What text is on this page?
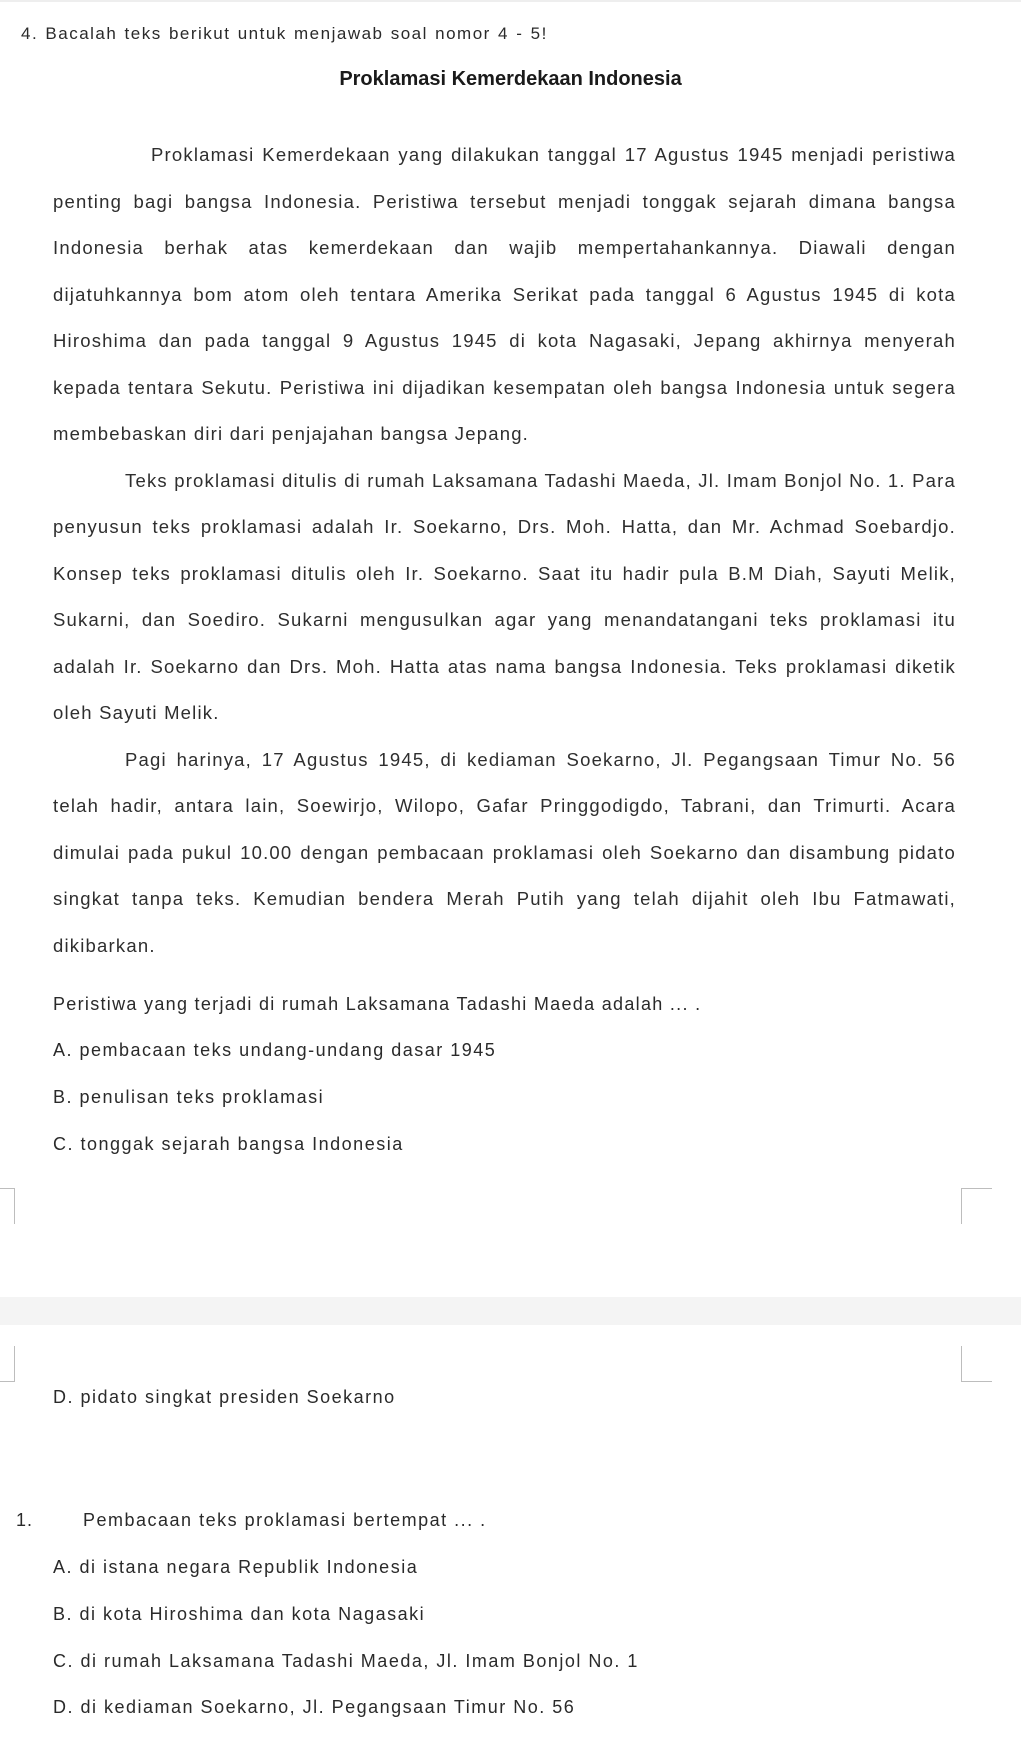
4. Bacalah teks berikut untuk menjawab soal nomor 4 - 5!
Proklamasi Kemerdekaan Indonesia

Proklamasi Kemerdekaan yang dilakukan tanggal 17 Agustus 1945 menjadi peristiwa penting bagi bangsa Indonesia. Peristiwa tersebut menjadi tonggak sejarah dimana bangsa Indonesia berhak atas kemerdekaan dan wajib mempertahankannya. Diawali dengan dijatuhkannya bom atom oleh tentara Amerika Serikat pada tanggal 6 Agustus 1945 di kota Hiroshima dan pada tanggal 9 Agustus 1945 di kota Nagasaki, Jepang akhirnya menyerah kepada tentara Sekutu. Peristiwa ini dijadikan kesempatan oleh bangsa Indonesia untuk segera membebaskan diri dari penjajahan bangsa Jepang.

Teks proklamasi ditulis di rumah Laksamana Tadashi Maeda, Jl. Imam Bonjol No. 1. Para penyusun teks proklamasi adalah Ir. Soekarno, Drs. Moh. Hatta, dan Mr. Achmad Soebardjo. Konsep teks proklamasi ditulis oleh Ir. Soekarno. Saat itu hadir pula B.M Diah, Sayuti Melik, Sukarni, dan Soediro. Sukarni mengusulkan agar yang menandatangani teks proklamasi itu adalah Ir. Soekarno dan Drs. Moh. Hatta atas nama bangsa Indonesia. Teks proklamasi diketik oleh Sayuti Melik.

Pagi harinya, 17 Agustus 1945, di kediaman Soekarno, Jl. Pegangsaan Timur No. 56 telah hadir, antara lain, Soewirjo, Wilopo, Gafar Pringgodigdo, Tabrani, dan Trimurti. Acara dimulai pada pukul 10.00 dengan pembacaan proklamasi oleh Soekarno dan disambung pidato singkat tanpa teks. Kemudian bendera Merah Putih yang telah dijahit oleh Ibu Fatmawati, dikibarkan.

Peristiwa yang terjadi di rumah Laksamana Tadashi Maeda adalah ... .
A. pembacaan teks undang-undang dasar 1945
B. penulisan teks proklamasi
C. tonggak sejarah bangsa Indonesia
D. pidato singkat presiden Soekarno
1.	Pembacaan teks proklamasi bertempat ... .
A. di istana negara Republik Indonesia
B. di kota Hiroshima dan kota Nagasaki
C. di rumah Laksamana Tadashi Maeda, Jl. Imam Bonjol No. 1
D. di kediaman Soekarno, Jl. Pegangsaan Timur No. 56
